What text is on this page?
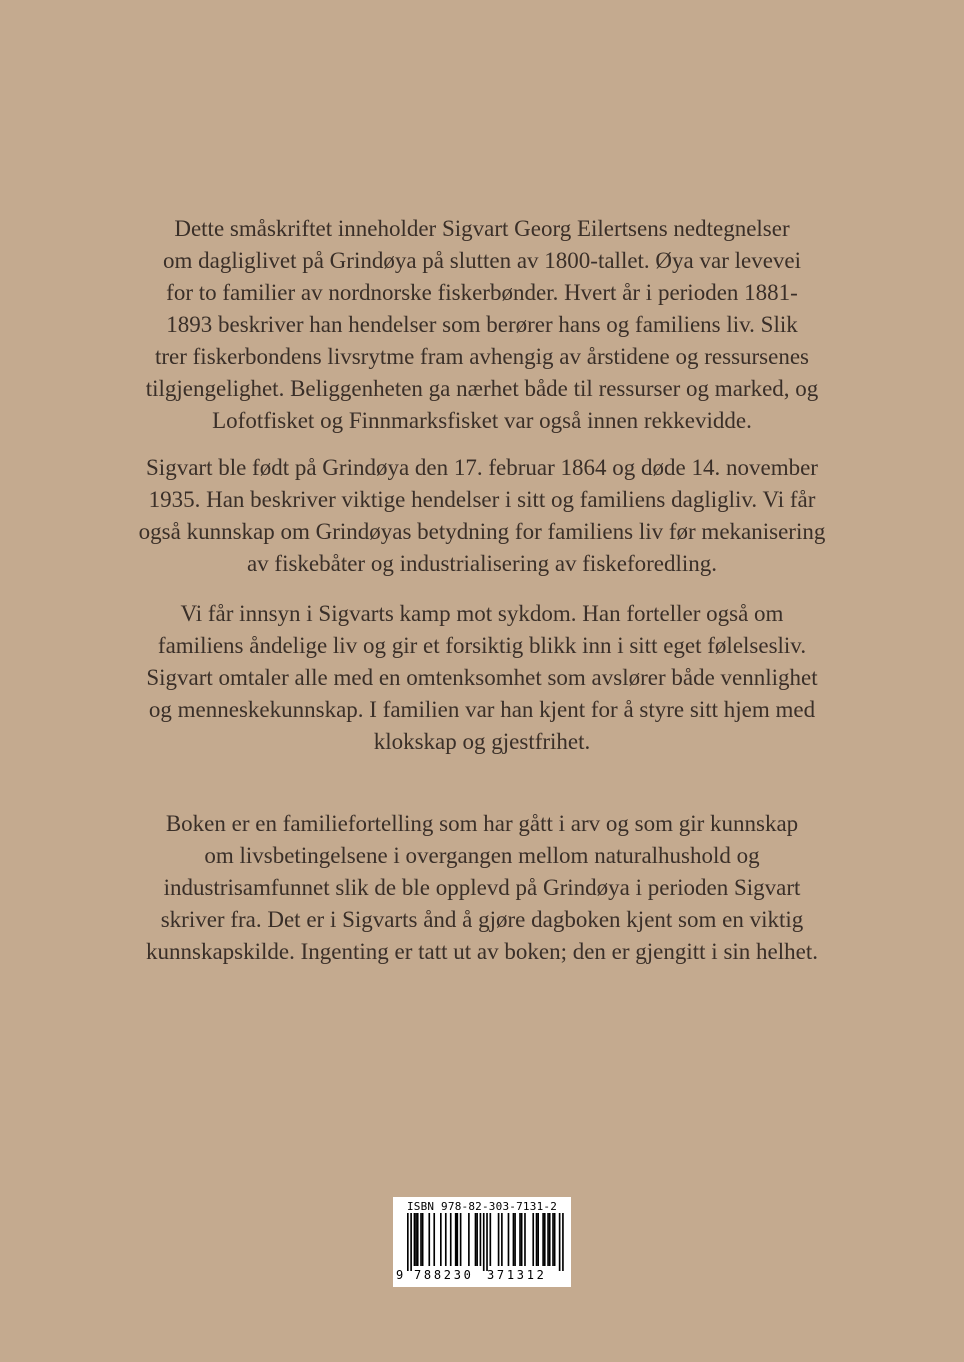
Dette småskriftet inneholder Sigvart Georg Eilertsens nedtegnelser
om dagliglivet på Grindøya på slutten av 1800-tallet. Øya var levevei
for to familier av nordnorske fiskerbønder. Hvert år i perioden 1881-
1893 beskriver han hendelser som berører hans og familiens liv. Slik
trer fiskerbondens livsrytme fram avhengig av årstidene og ressursenes
tilgjengelighet. Beliggenheten ga nærhet både til ressurser og marked, og
Lofotfisket og Finnmarksfisket var også innen rekkevidde.
Sigvart ble født på Grindøya den 17. februar 1864 og døde 14. november
1935. Han beskriver viktige hendelser i sitt og familiens dagligliv. Vi får
også kunnskap om Grindøyas betydning for familiens liv før mekanisering
av fiskebåter og industrialisering av fiskeforedling.
Vi får innsyn i Sigvarts kamp mot sykdom. Han forteller også om
familiens åndelige liv og gir et forsiktig blikk inn i sitt eget følelsesliv.
Sigvart omtaler alle med en omtenksomhet som avslører både vennlighet
og menneskekunnskap. I familien var han kjent for å styre sitt hjem med
klokskap og gjestfrihet.
Boken er en familiefortelling som har gått i arv og som gir kunnskap
om livsbetingelsene i overgangen mellom naturalhushold og
industrisamfunnet slik de ble opplevd på Grindøya i perioden Sigvart
skriver fra. Det er i Sigvarts ånd å gjøre dagboken kjent som en viktig
kunnskapskilde. Ingenting er tatt ut av boken; den er gjengitt i sin helhet.
ISBN 978-82-303-7131-2
9 788230 371312
